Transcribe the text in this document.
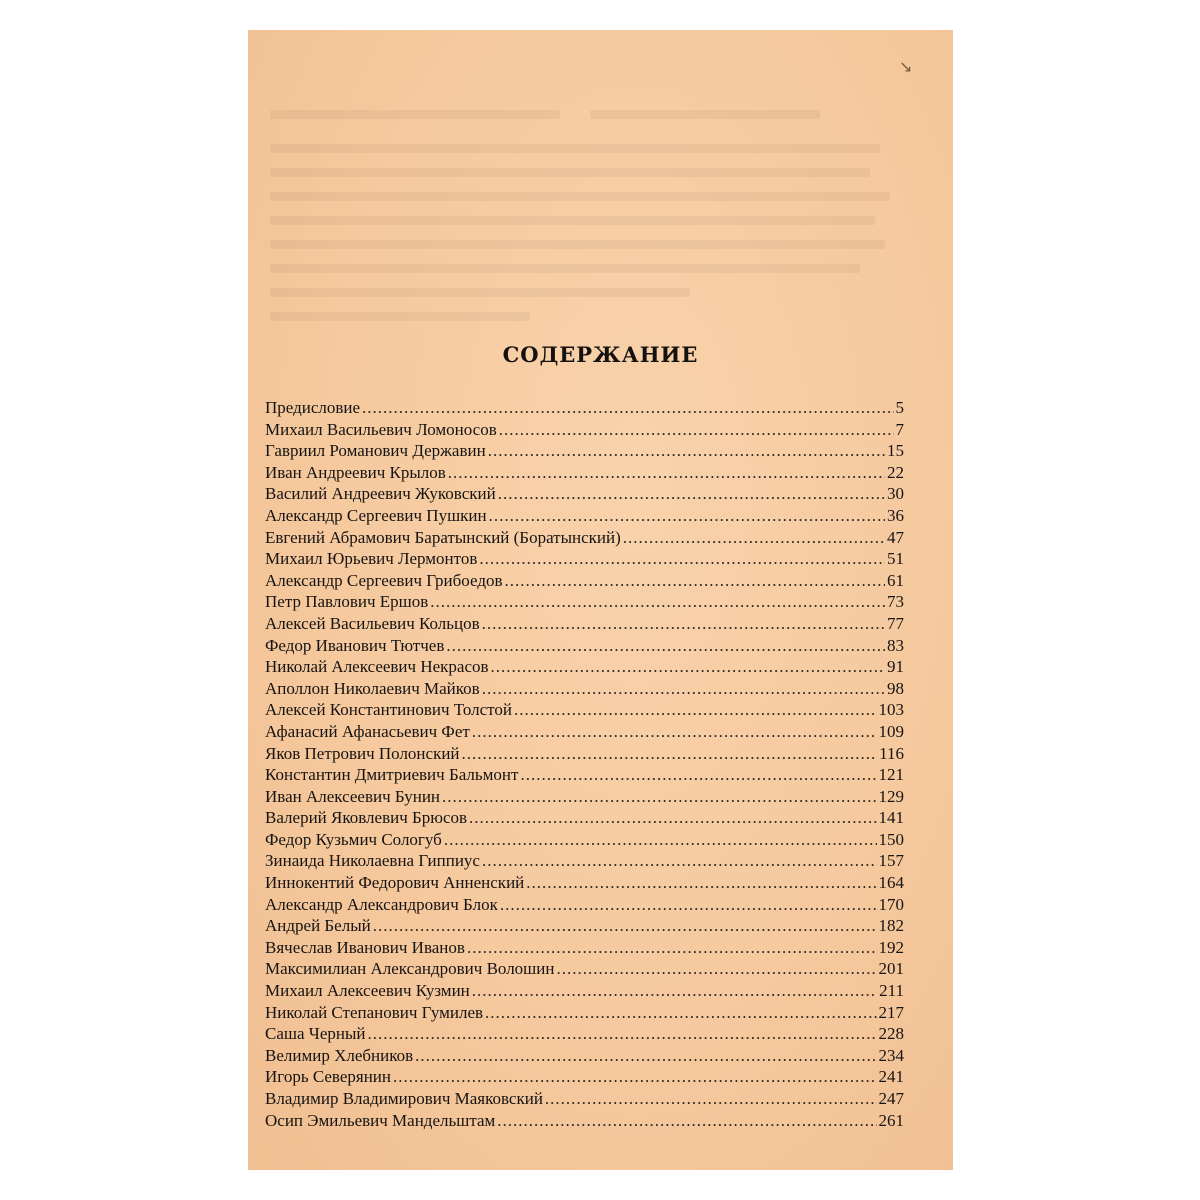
↘
СОДЕРЖАНИЕ
Предисловие .....	5
Михаил Васильевич Ломоносов .....	7
Гавриил Романович Державин .....	15
Иван Андреевич Крылов .....	22
Василий Андреевич Жуковский .....	30
Александр Сергеевич Пушкин .....	36
Евгений Абрамович Баратынский (Боратынский) .....	47
Михаил Юрьевич Лермонтов .....	51
Александр Сергеевич Грибоедов .....	61
Петр Павлович Ершов .....	73
Алексей Васильевич Кольцов .....	77
Федор Иванович Тютчев .....	83
Николай Алексеевич Некрасов .....	91
Аполлон Николаевич Майков .....	98
Алексей Константинович Толстой .....	103
Афанасий Афанасьевич Фет .....	109
Яков Петрович Полонский .....	116
Константин Дмитриевич Бальмонт .....	121
Иван Алексеевич Бунин .....	129
Валерий Яковлевич Брюсов .....	141
Федор Кузьмич Сологуб .....	150
Зинаида Николаевна Гиппиус .....	157
Иннокентий Федорович Анненский .....	164
Александр Александрович Блок .....	170
Андрей Белый .....	182
Вячеслав Иванович Иванов .....	192
Максимилиан Александрович Волошин .....	201
Михаил Алексеевич Кузмин .....	211
Николай Степанович Гумилев .....	217
Саша Черный .....	228
Велимир Хлебников .....	234
Игорь Северянин .....	241
Владимир Владимирович Маяковский .....	247
Осип Эмильевич Мандельштам .....	261
